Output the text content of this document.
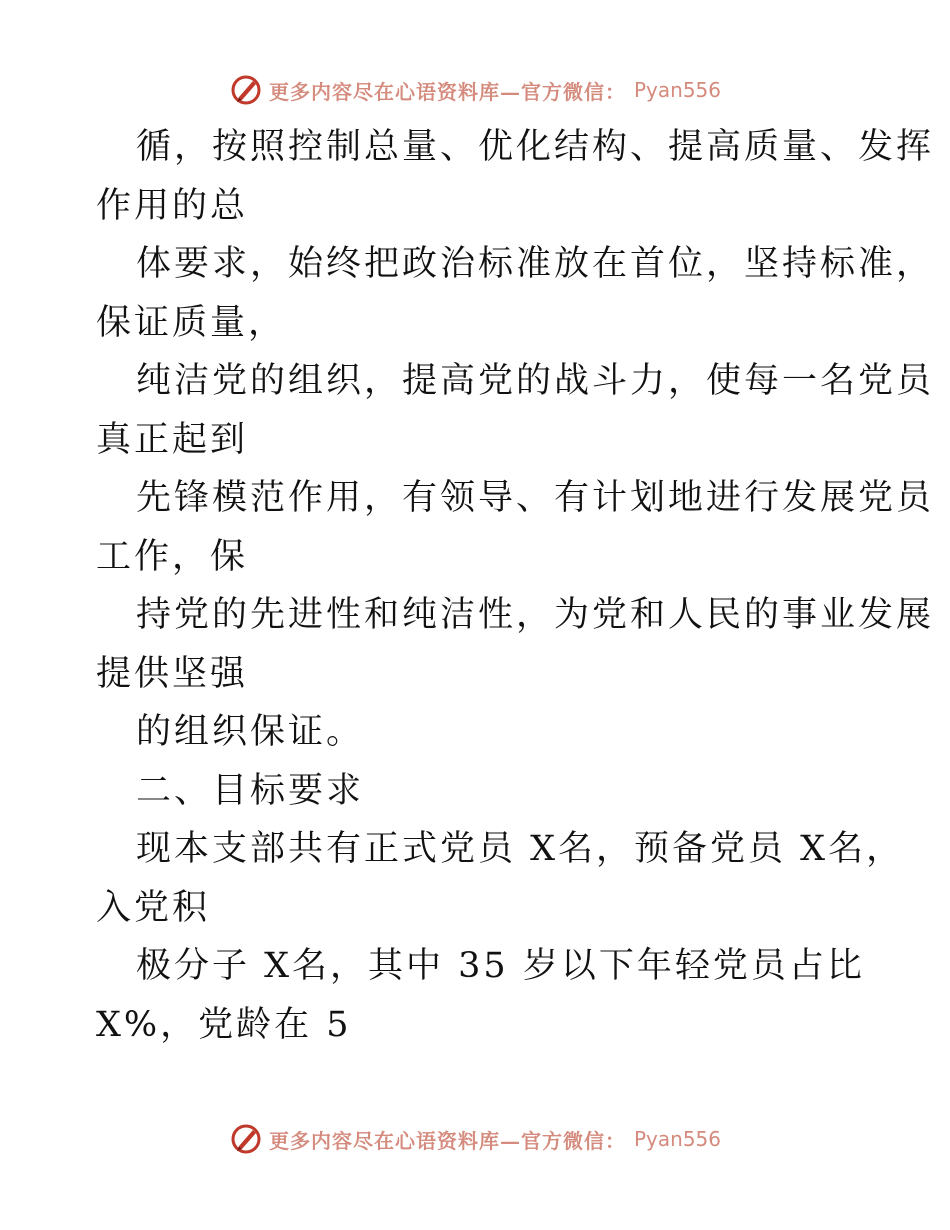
更多内容尽在心语资料库—官方微信： Pyan556
循，按照控制总量、优化结构、提高质量、发挥
作用的总
体要求，始终把政治标准放在首位，坚持标准，
保证质量，
纯洁党的组织，提高党的战斗力，使每一名党员
真正起到
先锋模范作用，有领导、有计划地进行发展党员
工作，保
持党的先进性和纯洁性，为党和人民的事业发展
提供坚强
的组织保证。
二、目标要求
现本支部共有正式党员 X名，预备党员 X名，
入党积
极分子 X名，其中 35 岁以下年轻党员占比
X%，党龄在 5
更多内容尽在心语资料库—官方微信： Pyan556
